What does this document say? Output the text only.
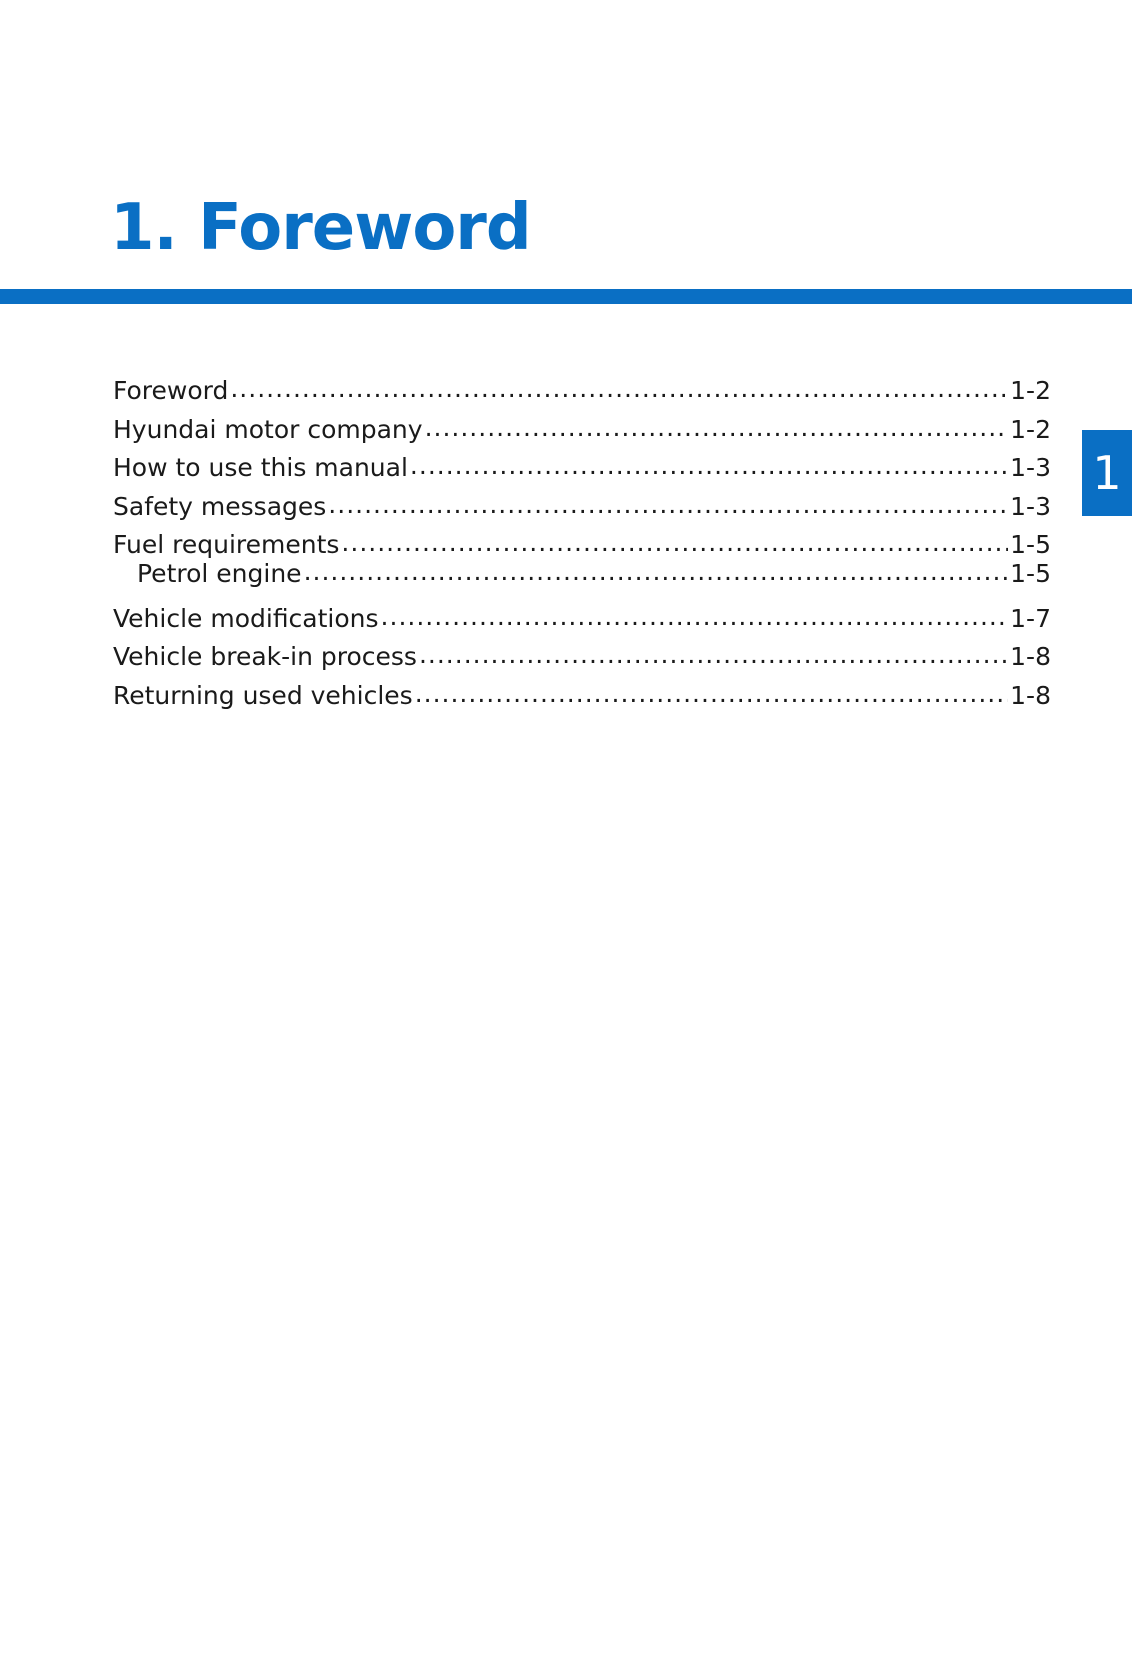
1. Foreword
1
Foreword .....	1-2
Hyundai motor company .....	1-2
How to use this manual .....	1-3
Safety messages .....	1-3
Fuel requirements .....	1-5
Petrol engine .....	1-5
Vehicle modifications .....	1-7
Vehicle break-in process .....	1-8
Returning used vehicles .....	1-8
